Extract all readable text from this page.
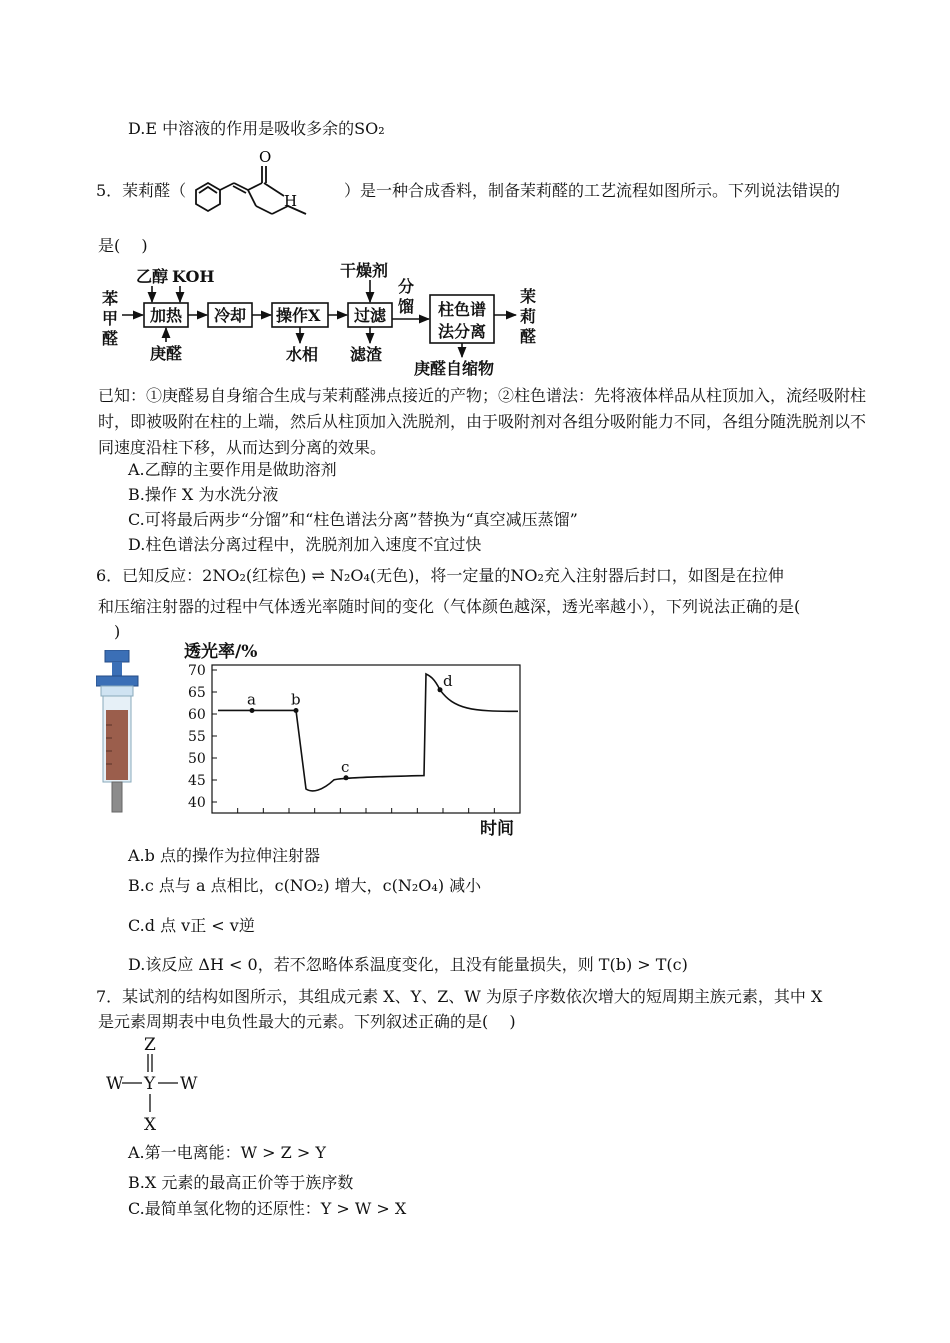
D.E 中溶液的作用是吸收多余的SO₂
5．茉莉醛（
O
H
）是一种合成香料，制备茉莉醛的工艺流程如图所示。下列说法错误的
是(　 )
苯
甲
醛
乙醇 KOH
庚醛	水相
干燥剂
滤渣
分
馏
庚醛自缩物
茉
莉
醛
加热 冷却 操作X 过滤	柱色谱
法分离
已知：①庚醛易自身缩合生成与茉莉醛沸点接近的产物；②柱色谱法：先将液体样品从柱顶加入，流经吸附柱时，即被吸附在柱的上端，然后从柱顶加入洗脱剂，由于吸附剂对各组分吸附能力不同，各组分随洗脱剂以不同速度沿柱下移，从而达到分离的效果。
A.乙醇的主要作用是做助溶剂
B.操作 X 为水洗分液
C.可将最后两步“分馏”和“柱色谱法分离”替换为“真空减压蒸馏”
D.柱色谱法分离过程中，洗脱剂加入速度不宜过快
6．已知反应：2NO₂(红棕色) ⇌ N₂O₄(无色)，将一定量的NO₂充入注射器后封口，如图是在拉伸
和压缩注射器的过程中气体透光率随时间的变化（气体颜色越深，透光率越小），下列说法正确的是(
　)
透光率/%
时间
40
45
50
55
60
65
70
a b
c
d
A.b 点的操作为拉伸注射器
B.c 点与 a 点相比，c(NO₂) 增大，c(N₂O₄) 减小
C.d 点 v正 < v逆
D.该反应 ΔH < 0，若不忽略体系温度变化，且没有能量损失，则 T(b) > T(c)
7．某试剂的结构如图所示，其组成元素 X、Y、Z、W 为原子序数依次增大的短周期主族元素，其中 X
是元素周期表中电负性最大的元素。下列叙述正确的是(　 )
Z
Y
W	W
X
A.第一电离能：W > Z > Y
B.X 元素的最高正价等于族序数
C.最简单氢化物的还原性：Y > W > X
